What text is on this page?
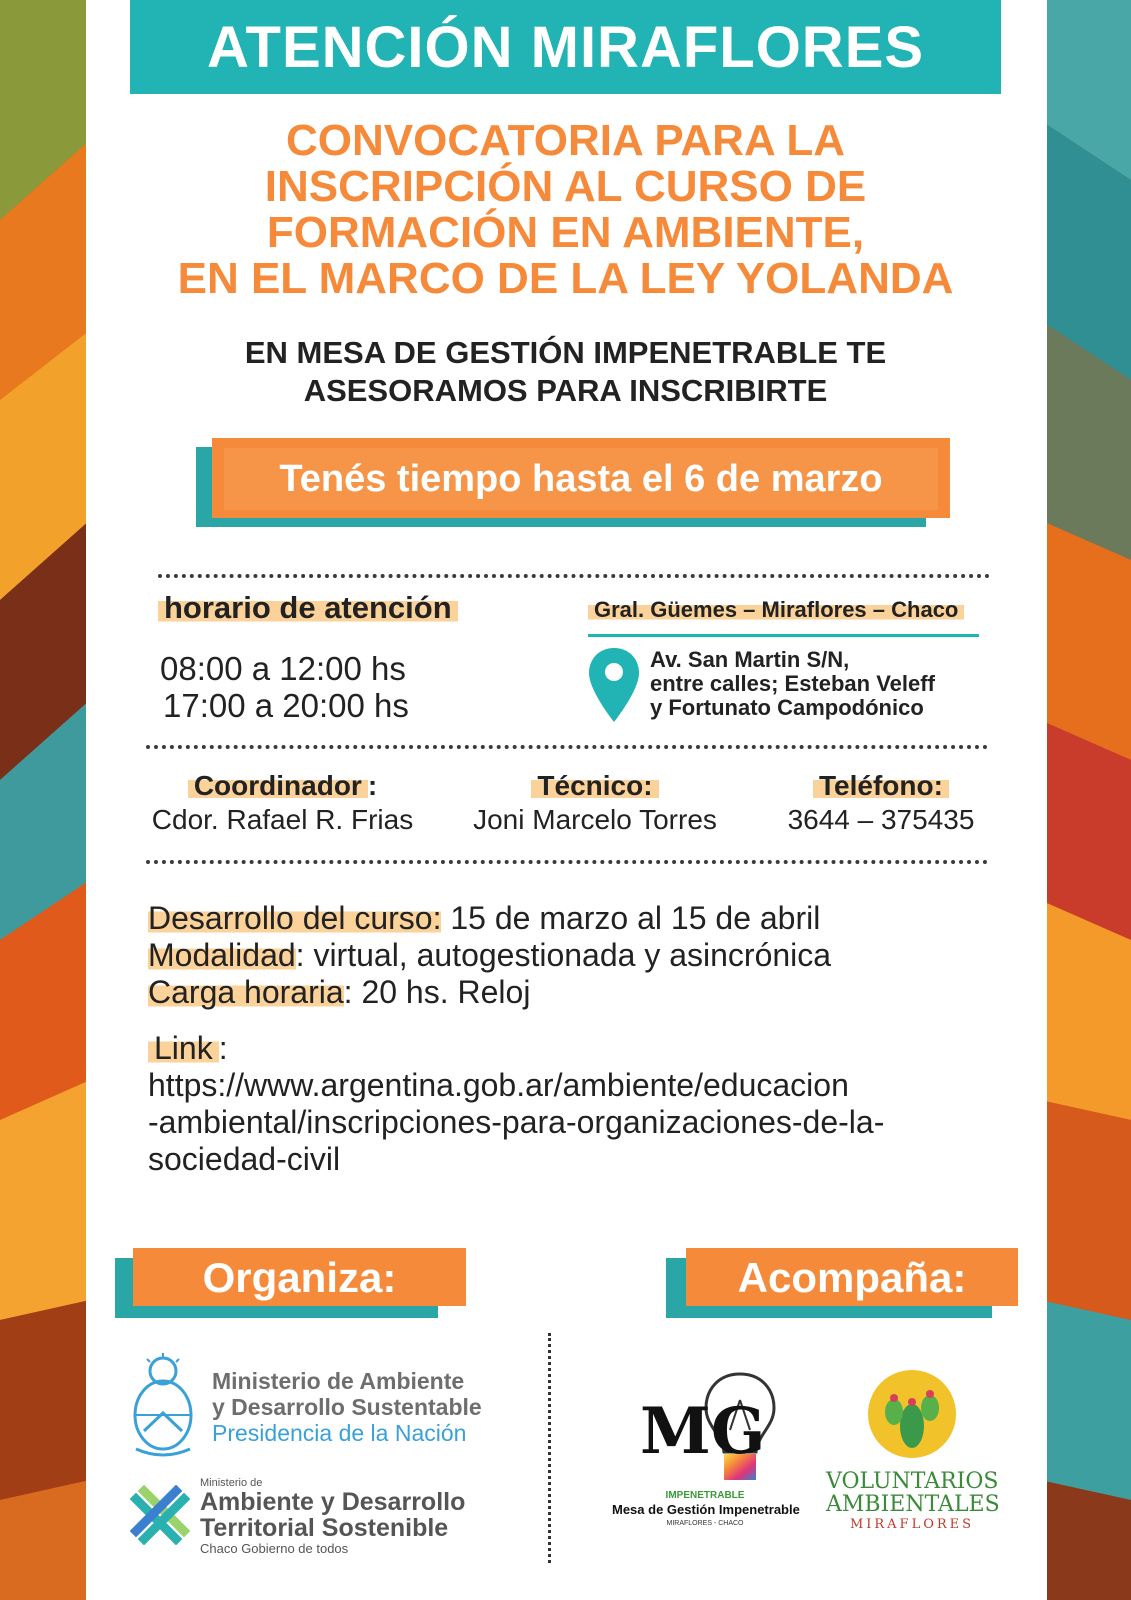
ATENCIÓN MIRAFLORES
CONVOCATORIA PARA LA
INSCRIPCIÓN AL CURSO DE
FORMACIÓN EN AMBIENTE,
EN EL MARCO DE LA LEY YOLANDA
EN MESA DE GESTIÓN IMPENETRABLE TE
ASESORAMOS PARA INSCRIBIRTE
Tenés tiempo hasta el 6 de marzo
horario de atención
08:00 a 12:00 hs
17:00 a 20:00 hs
Gral. Güemes – Miraflores – Chaco
Av. San Martin S/N,
entre calles; Esteban Veleff
y Fortunato Campodónico
Coordinador :
Cdor. Rafael R. Frias
Técnico:
Joni Marcelo Torres
Teléfono:
3644 – 375435
Desarrollo del curso: 15 de marzo al 15 de abril
Modalidad: virtual, autogestionada y asincrónica
Carga horaria: 20 hs. Reloj
Link :
https://www.argentina.gob.ar/ambiente/educacion
-ambiental/inscripciones-para-organizaciones-de-la-
sociedad-civil
Organiza:	Acompaña:
Ministerio de Ambiente
y Desarrollo Sustentable
Presidencia de la Nación
Ministerio de
Ambiente y Desarrollo
Territorial Sostenible
Chaco Gobierno de todos
MG
IMPENETRABLE
Mesa de Gestión Impenetrable
MIRAFLORES - CHACO
VOLUNTARIOS
AMBIENTALES
MIRAFLORES
